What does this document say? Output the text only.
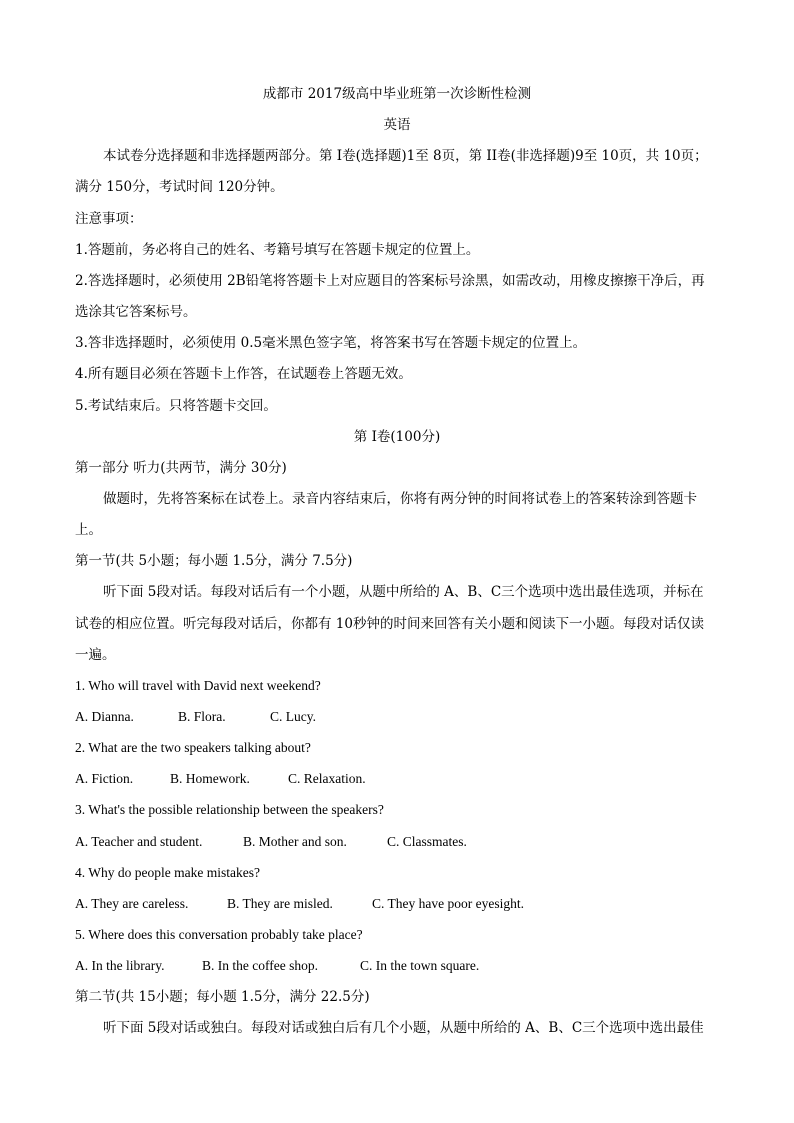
成都市 2017级高中毕业班第一次诊断性检测
英语
本试卷分选择题和非选择题两部分。第 I卷(选择题)1至 8页，第 II卷(非选择题)9至 10页，共 10页；
满分 150分，考试时间 120分钟。
注意事项：
1.答题前，务必将自己的姓名、考籍号填写在答题卡规定的位置上。
2.答选择题时，必须使用 2B铅笔将答题卡上对应题目的答案标号涂黑，如需改动，用橡皮擦擦干净后，再
选涂其它答案标号。
3.答非选择题时，必须使用 0.5毫米黑色签字笔，将答案书写在答题卡规定的位置上。
4.所有题目必须在答题卡上作答，在试题卷上答题无效。
5.考试结束后。只将答题卡交回。
第 I卷(100分)
第一部分 听力(共两节，满分 30分)
做题时，先将答案标在试卷上。录音内容结束后，你将有两分钟的时间将试卷上的答案转涂到答题卡
上。
第一节(共 5小题；每小题 1.5分，满分 7.5分)
听下面 5段对话。每段对话后有一个小题，从题中所给的 A、B、C三个选项中选出最佳选项，并标在
试卷的相应位置。听完每段对话后，你都有 10秒钟的时间来回答有关小题和阅读下一小题。每段对话仅读
一遍。
1. Who will travel with David next weekend?
A. Dianna.	B. Flora.	C. Lucy.
2. What are the two speakers talking about?
A. Fiction.	B. Homework.	C. Relaxation.
3. What's the possible relationship between the speakers?
A. Teacher and student.	B. Mother and son.	C. Classmates.
4. Why do people make mistakes?
A. They are careless.	B. They are misled.	C. They have poor eyesight.
5. Where does this conversation probably take place?
A. In the library.	B. In the coffee shop.	C. In the town square.
第二节(共 15小题；每小题 1.5分，满分 22.5分)
听下面 5段对话或独白。每段对话或独白后有几个小题，从题中所给的 A、B、C三个选项中选出最佳
